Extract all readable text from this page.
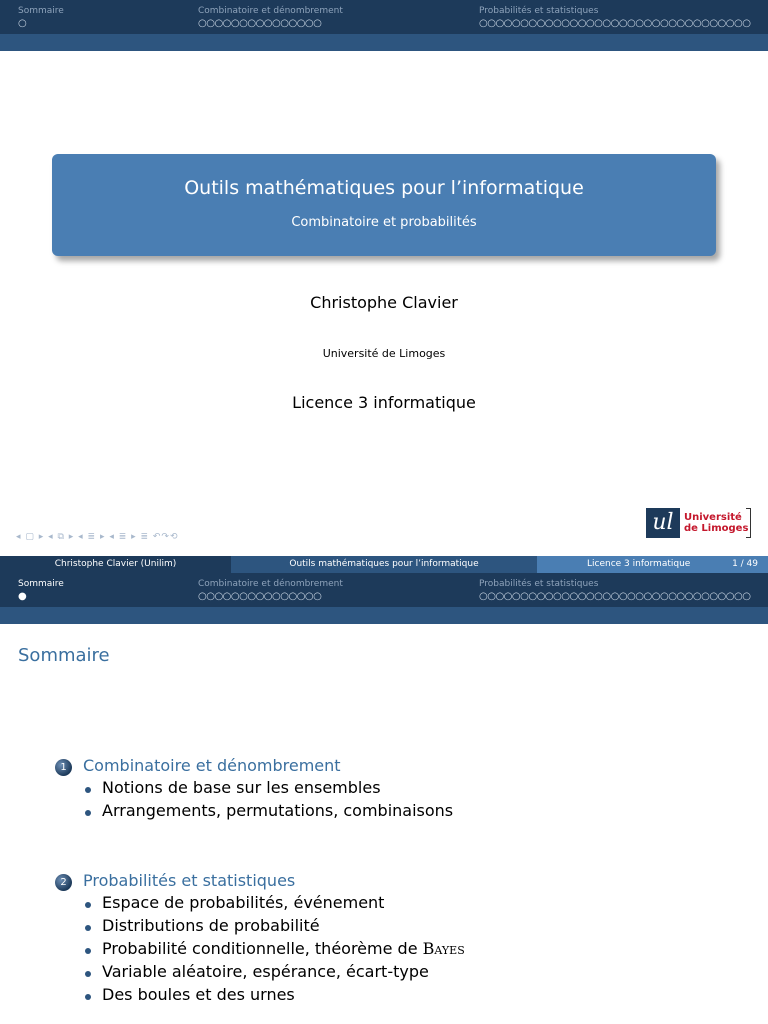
Sommaire	Combinatoire et dénombrement	Probabilités et statistiques
○	○○○○○○○○○○○○○○○	○○○○○○○○○○○○○○○○○○○○○○○○○○○○○○○○○
Outils mathématiques pour l’informatique
Combinatoire et probabilités
Christophe Clavier
Université de Limoges
Licence 3 informatique
◂ ▢ ▸ ◂ ⧉ ▸ ◂ ≣ ▸ ◂ ≣ ▸ ≣ ↶↷⟲
ul	Université
de Limoges
Christophe Clavier (Unilim)	Outils mathématiques pour l’informatique	Licence 3 informatique	1 / 49
Sommaire	Combinatoire et dénombrement	Probabilités et statistiques
●	○○○○○○○○○○○○○○○	○○○○○○○○○○○○○○○○○○○○○○○○○○○○○○○○○
Sommaire
1	Combinatoire et dénombrement
Notions de base sur les ensembles
Arrangements, permutations, combinaisons
2	Probabilités et statistiques
Espace de probabilités, événement
Distributions de probabilité
Probabilité conditionnelle, théorème de Bayes
Variable aléatoire, espérance, écart-type
Des boules et des urnes
